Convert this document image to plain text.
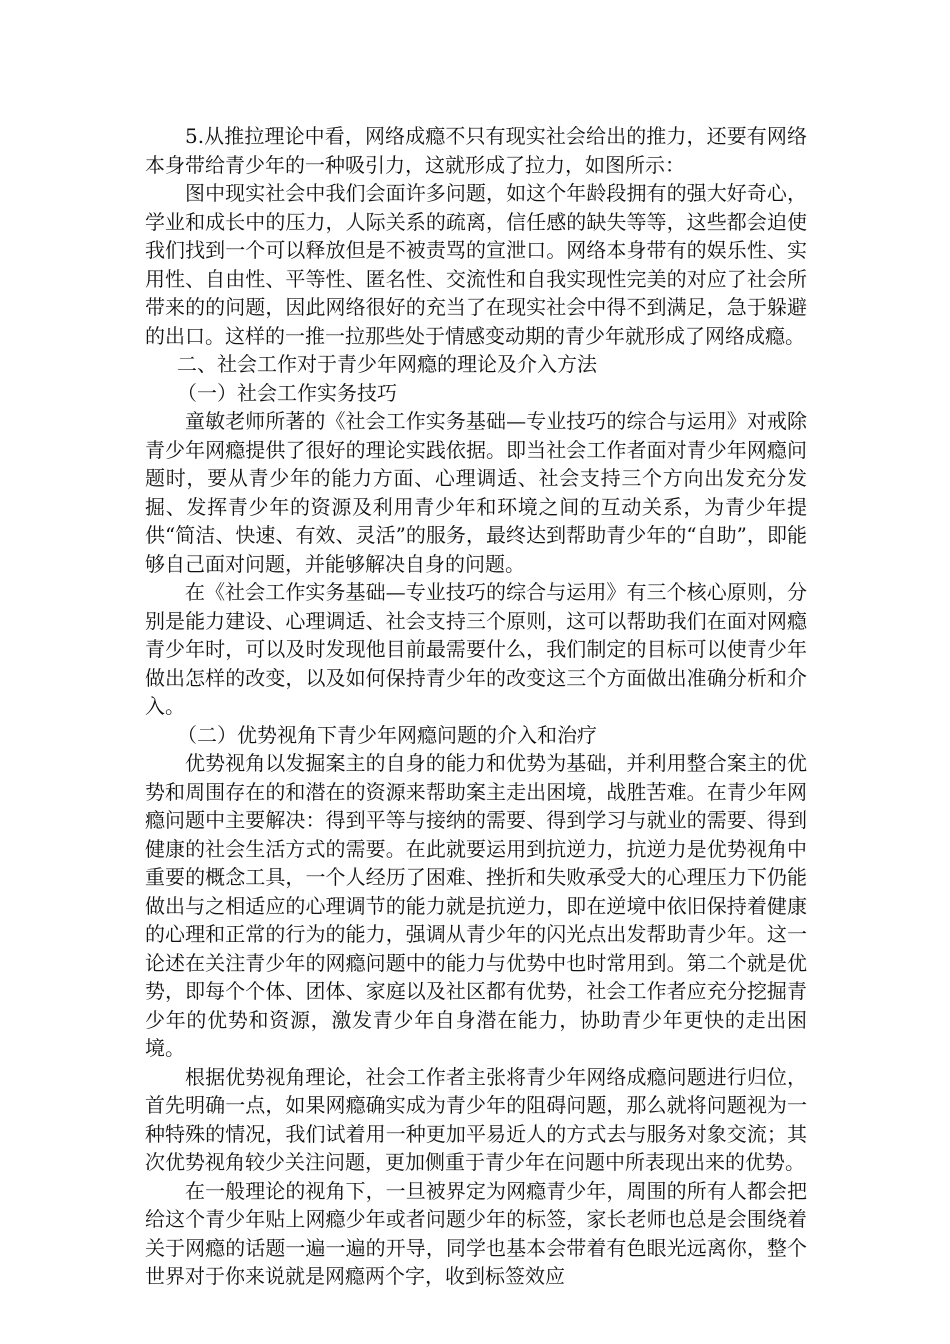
5.从推拉理论中看，网络成瘾不只有现实社会给出的推力，还要有网络本身带给青少年的一种吸引力，这就形成了拉力，如图所示：

图中现实社会中我们会面许多问题，如这个年龄段拥有的强大好奇心，学业和成长中的压力，人际关系的疏离，信任感的缺失等等，这些都会迫使我们找到一个可以释放但是不被责骂的宣泄口。网络本身带有的娱乐性、实用性、自由性、平等性、匿名性、交流性和自我实现性完美的对应了社会所带来的的问题，因此网络很好的充当了在现实社会中得不到满足，急于躲避的出口。这样的一推一拉那些处于情感变动期的青少年就形成了网络成瘾。

二、社会工作对于青少年网瘾的理论及介入方法

（一）社会工作实务技巧

童敏老师所著的《社会工作实务基础—专业技巧的综合与运用》对戒除青少年网瘾提供了很好的理论实践依据。即当社会工作者面对青少年网瘾问题时，要从青少年的能力方面、心理调适、社会支持三个方向出发充分发掘、发挥青少年的资源及利用青少年和环境之间的互动关系，为青少年提供“简洁、快速、有效、灵活”的服务，最终达到帮助青少年的“自助”，即能够自己面对问题，并能够解决自身的问题。

在《社会工作实务基础—专业技巧的综合与运用》有三个核心原则，分别是能力建设、心理调适、社会支持三个原则，这可以帮助我们在面对网瘾青少年时，可以及时发现他目前最需要什么，我们制定的目标可以使青少年做出怎样的改变，以及如何保持青少年的改变这三个方面做出准确分析和介入。

（二）优势视角下青少年网瘾问题的介入和治疗

优势视角以发掘案主的自身的能力和优势为基础，并利用整合案主的优势和周围存在的和潜在的资源来帮助案主走出困境，战胜苦难。在青少年网瘾问题中主要解决：得到平等与接纳的需要、得到学习与就业的需要、得到健康的社会生活方式的需要。在此就要运用到抗逆力，抗逆力是优势视角中重要的概念工具，一个人经历了困难、挫折和失败承受大的心理压力下仍能做出与之相适应的心理调节的能力就是抗逆力，即在逆境中依旧保持着健康的心理和正常的行为的能力，强调从青少年的闪光点出发帮助青少年。这一论述在关注青少年的网瘾问题中的能力与优势中也时常用到。第二个就是优势，即每个个体、团体、家庭以及社区都有优势，社会工作者应充分挖掘青少年的优势和资源，激发青少年自身潜在能力，协助青少年更快的走出困境。

根据优势视角理论，社会工作者主张将青少年网络成瘾问题进行归位，首先明确一点，如果网瘾确实成为青少年的阻碍问题，那么就将问题视为一种特殊的情况，我们试着用一种更加平易近人的方式去与服务对象交流；其次优势视角较少关注问题，更加侧重于青少年在问题中所表现出来的优势。

在一般理论的视角下，一旦被界定为网瘾青少年，周围的所有人都会把给这个青少年贴上网瘾少年或者问题少年的标签，家长老师也总是会围绕着关于网瘾的话题一遍一遍的开导，同学也基本会带着有色眼光远离你，整个世界对于你来说就是网瘾两个字，收到标签效应
